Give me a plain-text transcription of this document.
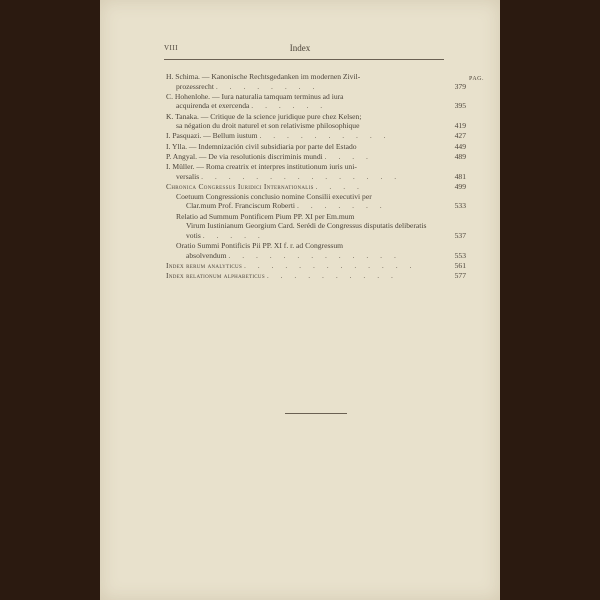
VIII	Index
PAG.
H. Schima. — Kanonische Rechtsgedanken im modernen Zivil-
prozessrecht . . . . . . . .	379
C. Hohenlohe. — Iura naturalia tamquam terminus ad iura
acquirenda et exercenda . . . . . .	395
K. Tanaka. — Critique de la science juridique pure chez Kelsen;
sa négation du droit naturel et son relativisme philosophique	419
I. Pasquazi. — Bellum iustum . . . . . . . . . .	427
I. Ylla. — Indemnización civil subsidiaria por parte del Estado	449
P. Angyal. — De via resolutionis discriminis mundi . . . .	489
I. Müller. — Roma creatrix et interpres institutionum iuris uni-
versalis . . . . . . . . . . . . . . .	481
Chronica Congressus Iuridici Internationalis . . . .	499
Coetuum Congressionis conclusio nomine Consilii executivi per
Clar.mum Prof. Franciscum Roberti . . . . . . .	533
Relatio ad Summum Pontificem Pium PP. XI per Em.mum
Virum Iustinianum Georgium Card. Serédi de Congressus disputatis deliberatis votis . . . . .	537
Oratio Summi Pontificis Pii PP. XI f. r. ad Congressum
absolvendum . . . . . . . . . . . . .	553
Index rerum analyticus . . . . . . . . . . . . .	561
Index relationum alphabeticus . . . . . . . . . .	577
